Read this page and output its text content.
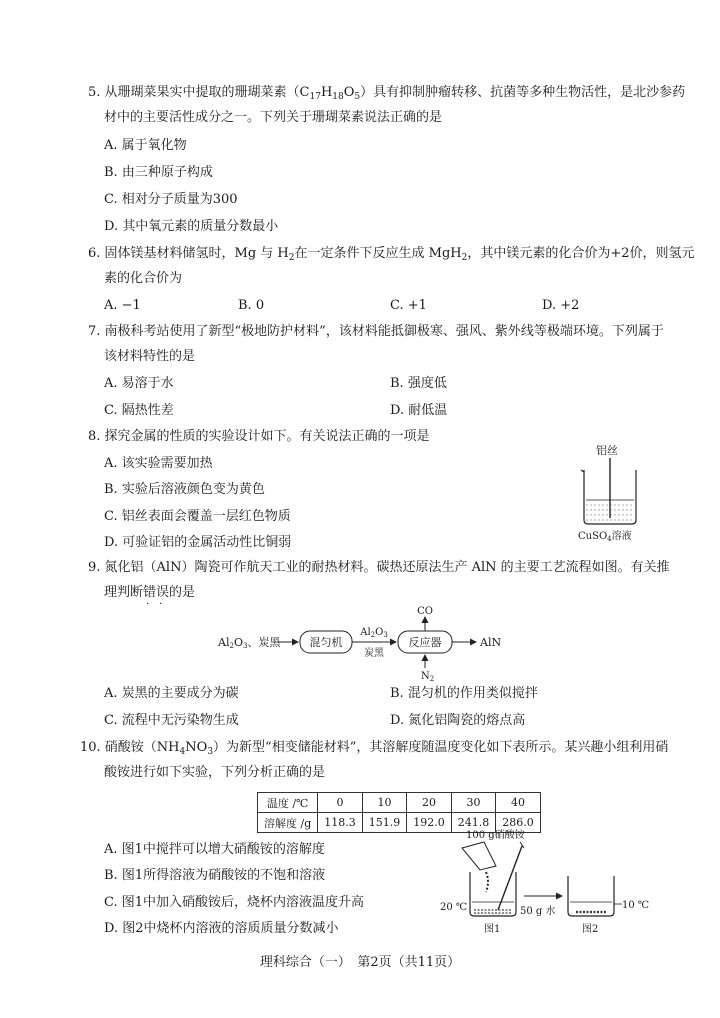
5. 从珊瑚菜果实中提取的珊瑚菜素$(C_{17}H_{18}O_5)$具有抑制肿瘤转移、抗菌等多种生物活性，是北沙参药
材中的主要活性成分之一。下列关于珊瑚菜素说法正确的是
A. 属于氧化物
B. 由三种原子构成
C. 相对分子质量为300
D. 其中氧元素的质量分数最小
6. 固体镁基材料储氢时，Mg 与 $H_2$在一定条件下反应生成 MgH$_2$，其中镁元素的化合价为+2价，则氢元
素的化合价为
A. −1	B. 0	C. +1	D. +2
7. 南极科考站使用了新型“极地防护材料”，该材料能抵御极寒、强风、紫外线等极端环境。下列属于
该材料特性的是
A. 易溶于水	B. 强度低
C. 隔热性差	D. 耐低温
8. 探究金属的性质的实验设计如下。有关说法正确的一项是
A. 该实验需要加热
B. 实验后溶液颜色变为黄色
C. 铝丝表面会覆盖一层红色物质
D. 可验证铝的金属活动性比铜弱
铝丝
CuSO$_4$溶液
9. 氮化铝（AlN）陶瓷可作航天工业的耐热材料。碳热还原法生产 AlN 的主要工艺流程如图。有关推
理判断错误
· ·
的是
Al2O3、炭黑	混匀机
$Al_2O_3$
炭黑
反应器	AlN
CO
$N_2$
A. 炭黑的主要成分为碳	B. 混匀机的作用类似搅拌
C. 流程中无污染物生成	D. 氮化铝陶瓷的熔点高
10. 硝酸铵$(NH_4NO_3)$为新型“相变储能材料”，其溶解度随温度变化如下表所示。某兴趣小组利用硝
酸铵进行如下实验，下列分析正确的是
温度 /℃	0	10	20	30	40
溶解度 /g	118.3	151.9	192.0	241.8	286.0
A. 图1中搅拌可以增大硝酸铵的溶解度
B. 图1所得溶液为硝酸铵的不饱和溶液
C. 图1中加入硝酸铵后，烧杯内溶液温度升高
D. 图2中烧杯内溶液的溶质质量分数减小
100 g硝酸铵
20 ℃	50 g 水
10 ℃
图1	图2
理科综合（一）　第2页（共11页）
